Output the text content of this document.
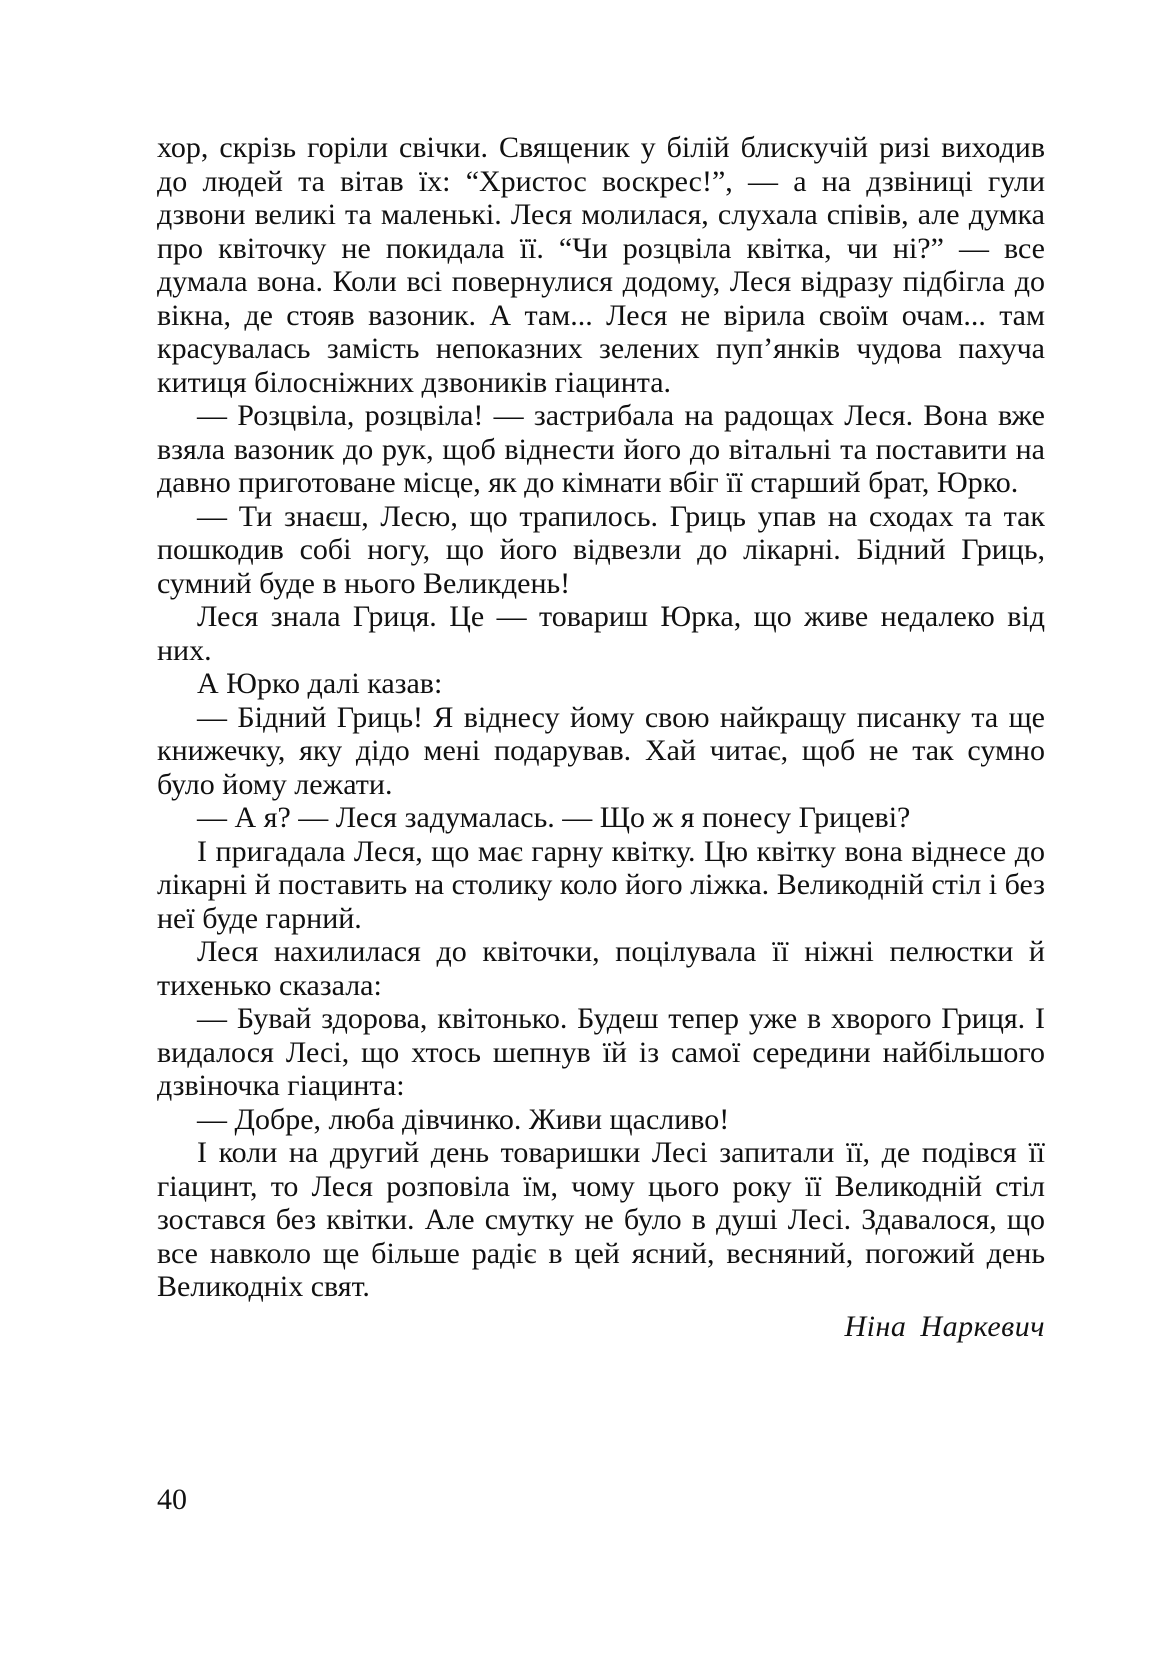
хор, скрізь горіли свічки. Священик у білій блискучій ризі виходив до людей та вітав їх: “Христос воскрес!”, — а на дзвіниці гули дзвони великі та маленькі. Леся молилася, слухала співів, але думка про квіточку не покидала її. “Чи розцвіла квітка, чи ні?” — все думала вона. Коли всі повернулися додому, Леся відразу підбігла до вікна, де стояв вазоник. А там... Леся не вірила своїм очам... там красувалась замість непоказних зелених пуп’янків чудова пахуча китиця білосніжних дзвоників гіацинта.

— Розцвіла, розцвіла! — застрибала на радощах Леся. Вона вже взяла вазоник до рук, щоб віднести його до вітальні та поставити на давно приготоване місце, як до кімнати вбіг її старший брат, Юрко.

— Ти знаєш, Лесю, що трапилось. Гриць упав на сходах та так пошкодив собі ногу, що його відвезли до лікарні. Бідний Гриць, сумний буде в нього Великдень!

Леся знала Гриця. Це — товариш Юрка, що живе недалеко від них.

А Юрко далі казав:

— Бідний Гриць! Я віднесу йому свою найкращу писанку та ще книжечку, яку дідо мені подарував. Хай читає, щоб не так сумно було йому лежати.

— А я? — Леся задумалась. — Що ж я понесу Грицеві?

І пригадала Леся, що має гарну квітку. Цю квітку вона віднесе до лікарні й поставить на столику коло його ліжка. Великодній стіл і без неї буде гарний.

Леся нахилилася до квіточки, поцілувала її ніжні пелюстки й тихенько сказала:

— Бувай здорова, квітонько. Будеш тепер уже в хворого Гриця. І видалося Лесі, що хтось шепнув їй із самої середини найбільшого дзвіночка гіацинта:

— Добре, люба дівчинко. Живи щасливо!

І коли на другий день товаришки Лесі запитали її, де подівся її гіацинт, то Леся розповіла їм, чому цього року її Великодній стіл зостався без квітки. Але смутку не було в душі Лесі. Здавалося, що все навколо ще більше радіє в цей ясний, весняний, погожий день Великодніх свят.

Ніна Наркевич
40
